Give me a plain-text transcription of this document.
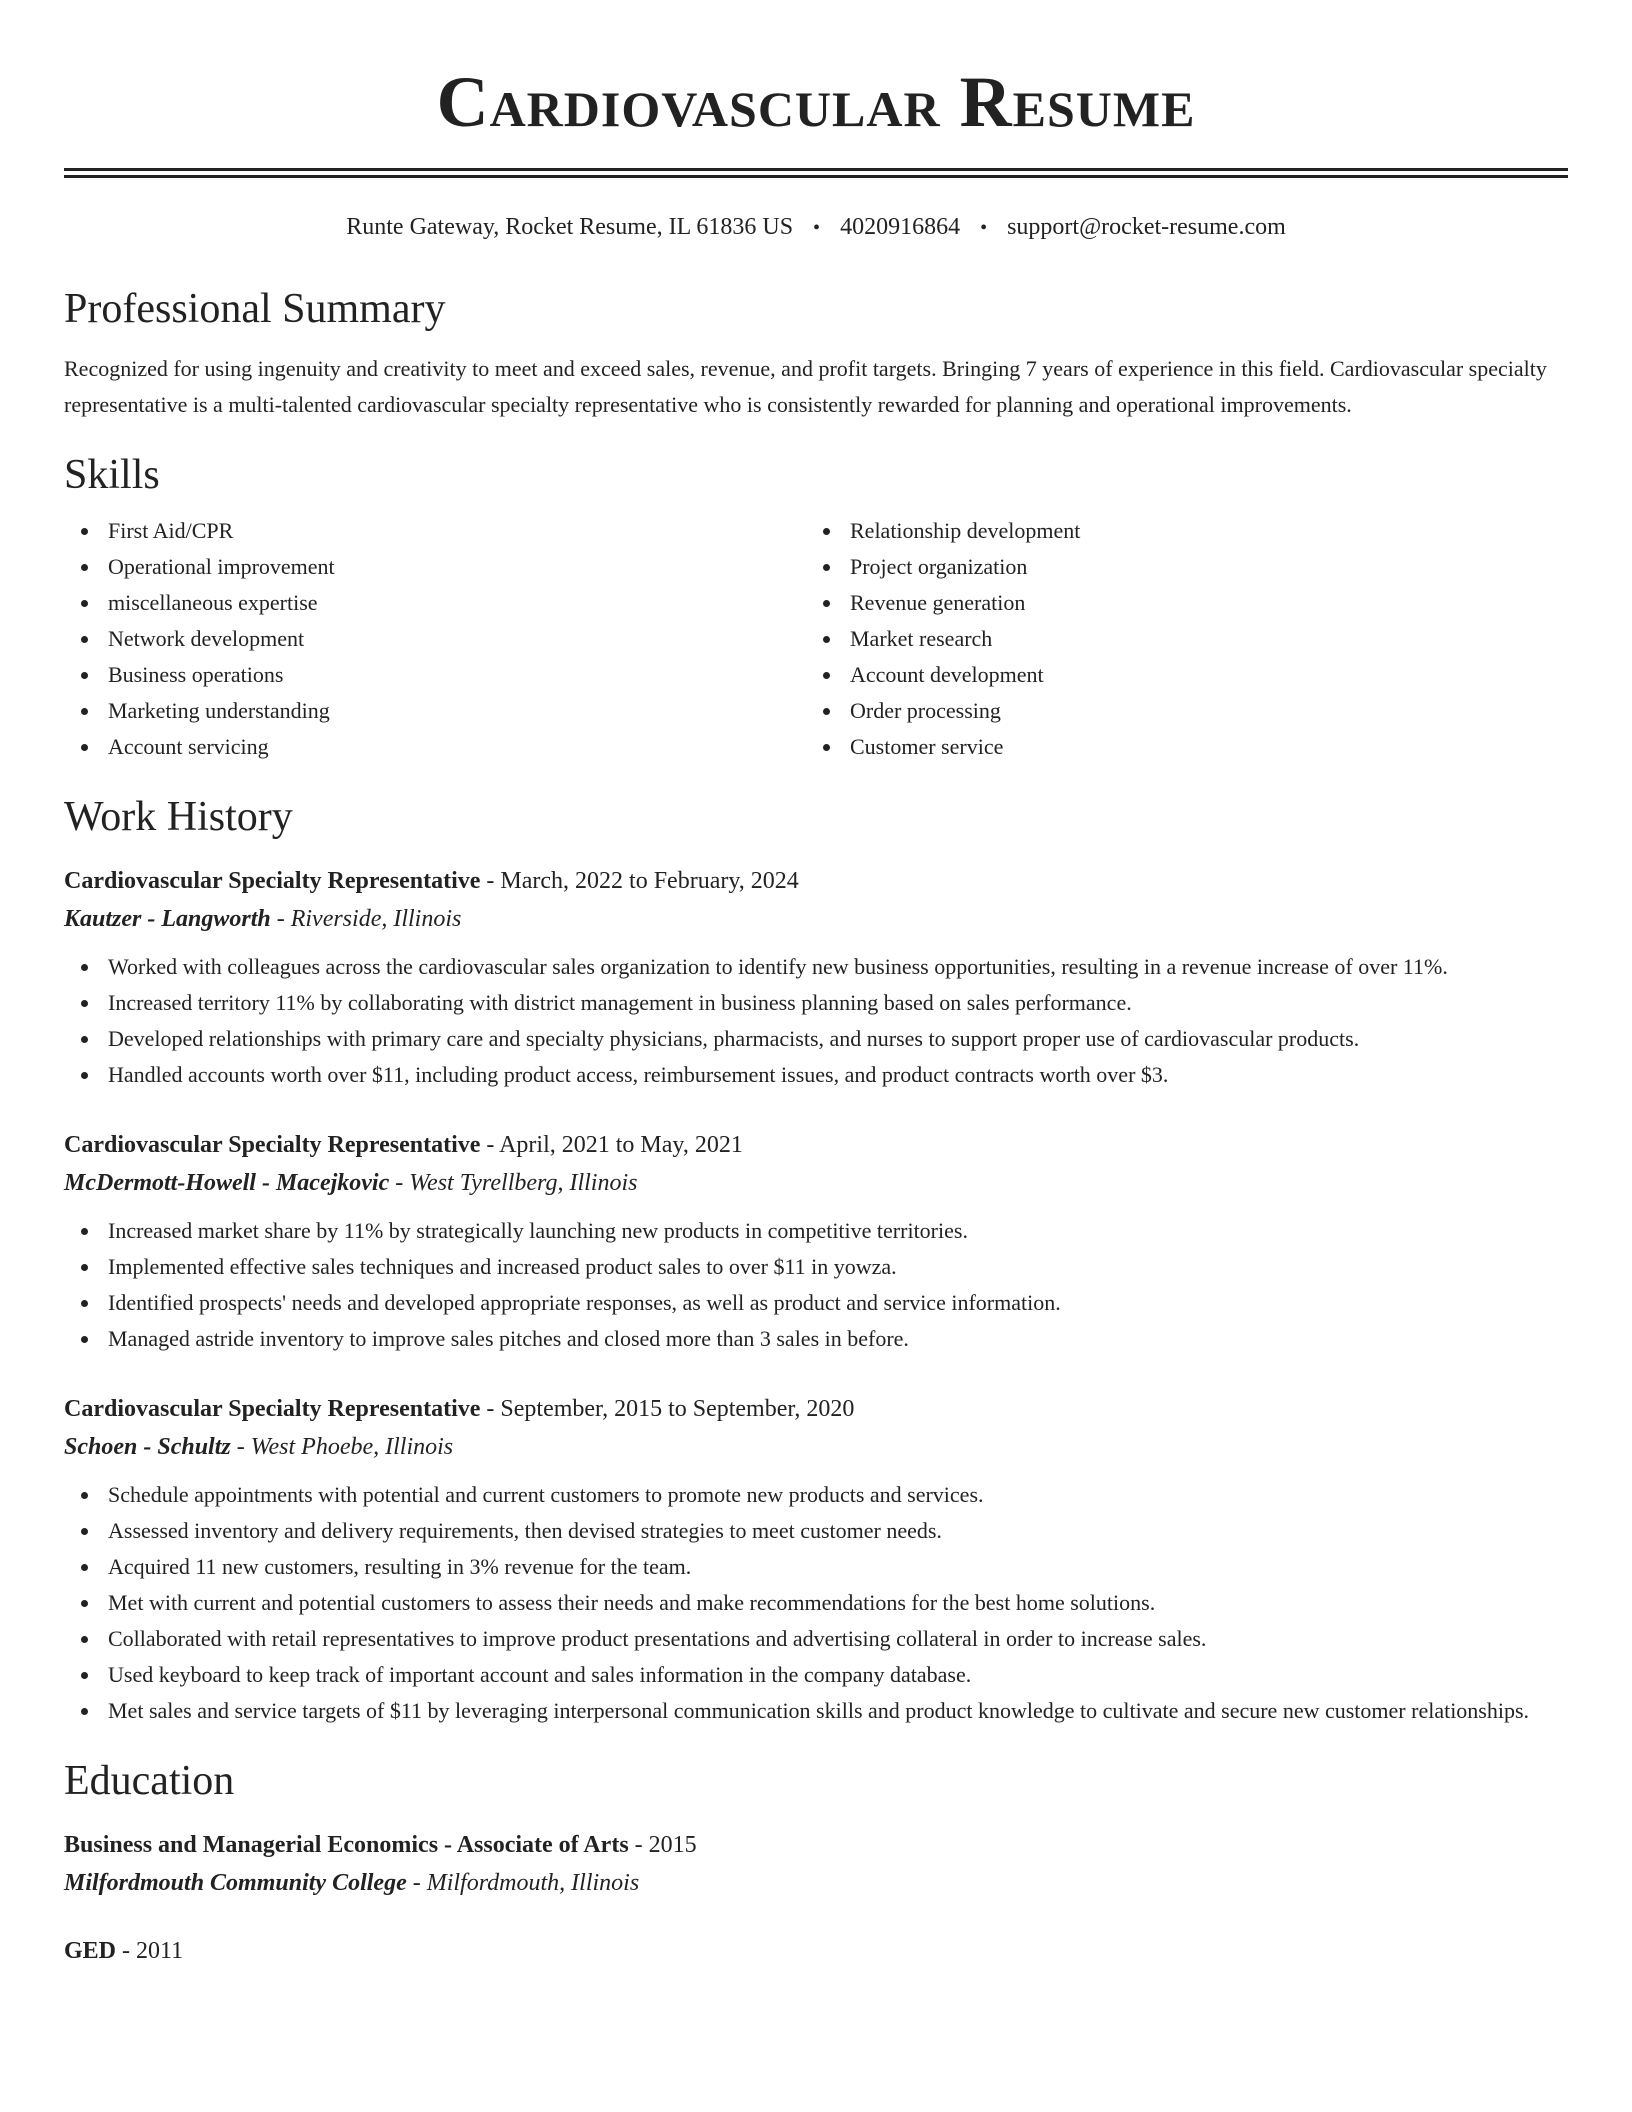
Cardiovascular Resume
Runte Gateway, Rocket Resume, IL 61836 US • 4020916864 • support@rocket-resume.com
Professional Summary

Recognized for using ingenuity and creativity to meet and exceed sales, revenue, and profit targets. Bringing 7 years of experience in this field. Cardiovascular specialty representative is a multi-talented cardiovascular specialty representative who is consistently rewarded for planning and operational improvements.

Skills
First Aid/CPR
Operational improvement
miscellaneous expertise
Network development
Business operations
Marketing understanding
Account servicing
Relationship development
Project organization
Revenue generation
Market research
Account development
Order processing
Customer service
Work History
Cardiovascular Specialty Representative - March, 2022 to February, 2024
Kautzer - Langworth - Riverside, Illinois
Worked with colleagues across the cardiovascular sales organization to identify new business opportunities, resulting in a revenue increase of over 11%.
Increased territory 11% by collaborating with district management in business planning based on sales performance.
Developed relationships with primary care and specialty physicians, pharmacists, and nurses to support proper use of cardiovascular products.
Handled accounts worth over $11, including product access, reimbursement issues, and product contracts worth over $3.
Cardiovascular Specialty Representative - April, 2021 to May, 2021
McDermott-Howell - Macejkovic - West Tyrellberg, Illinois
Increased market share by 11% by strategically launching new products in competitive territories.
Implemented effective sales techniques and increased product sales to over $11 in yowza.
Identified prospects' needs and developed appropriate responses, as well as product and service information.
Managed astride inventory to improve sales pitches and closed more than 3 sales in before.
Cardiovascular Specialty Representative - September, 2015 to September, 2020
Schoen - Schultz - West Phoebe, Illinois
Schedule appointments with potential and current customers to promote new products and services.
Assessed inventory and delivery requirements, then devised strategies to meet customer needs.
Acquired 11 new customers, resulting in 3% revenue for the team.
Met with current and potential customers to assess their needs and make recommendations for the best home solutions.
Collaborated with retail representatives to improve product presentations and advertising collateral in order to increase sales.
Used keyboard to keep track of important account and sales information in the company database.
Met sales and service targets of $11 by leveraging interpersonal communication skills and product knowledge to cultivate and secure new customer relationships.
Education
Business and Managerial Economics - Associate of Arts - 2015
Milfordmouth Community College - Milfordmouth, Illinois
GED - 2011
